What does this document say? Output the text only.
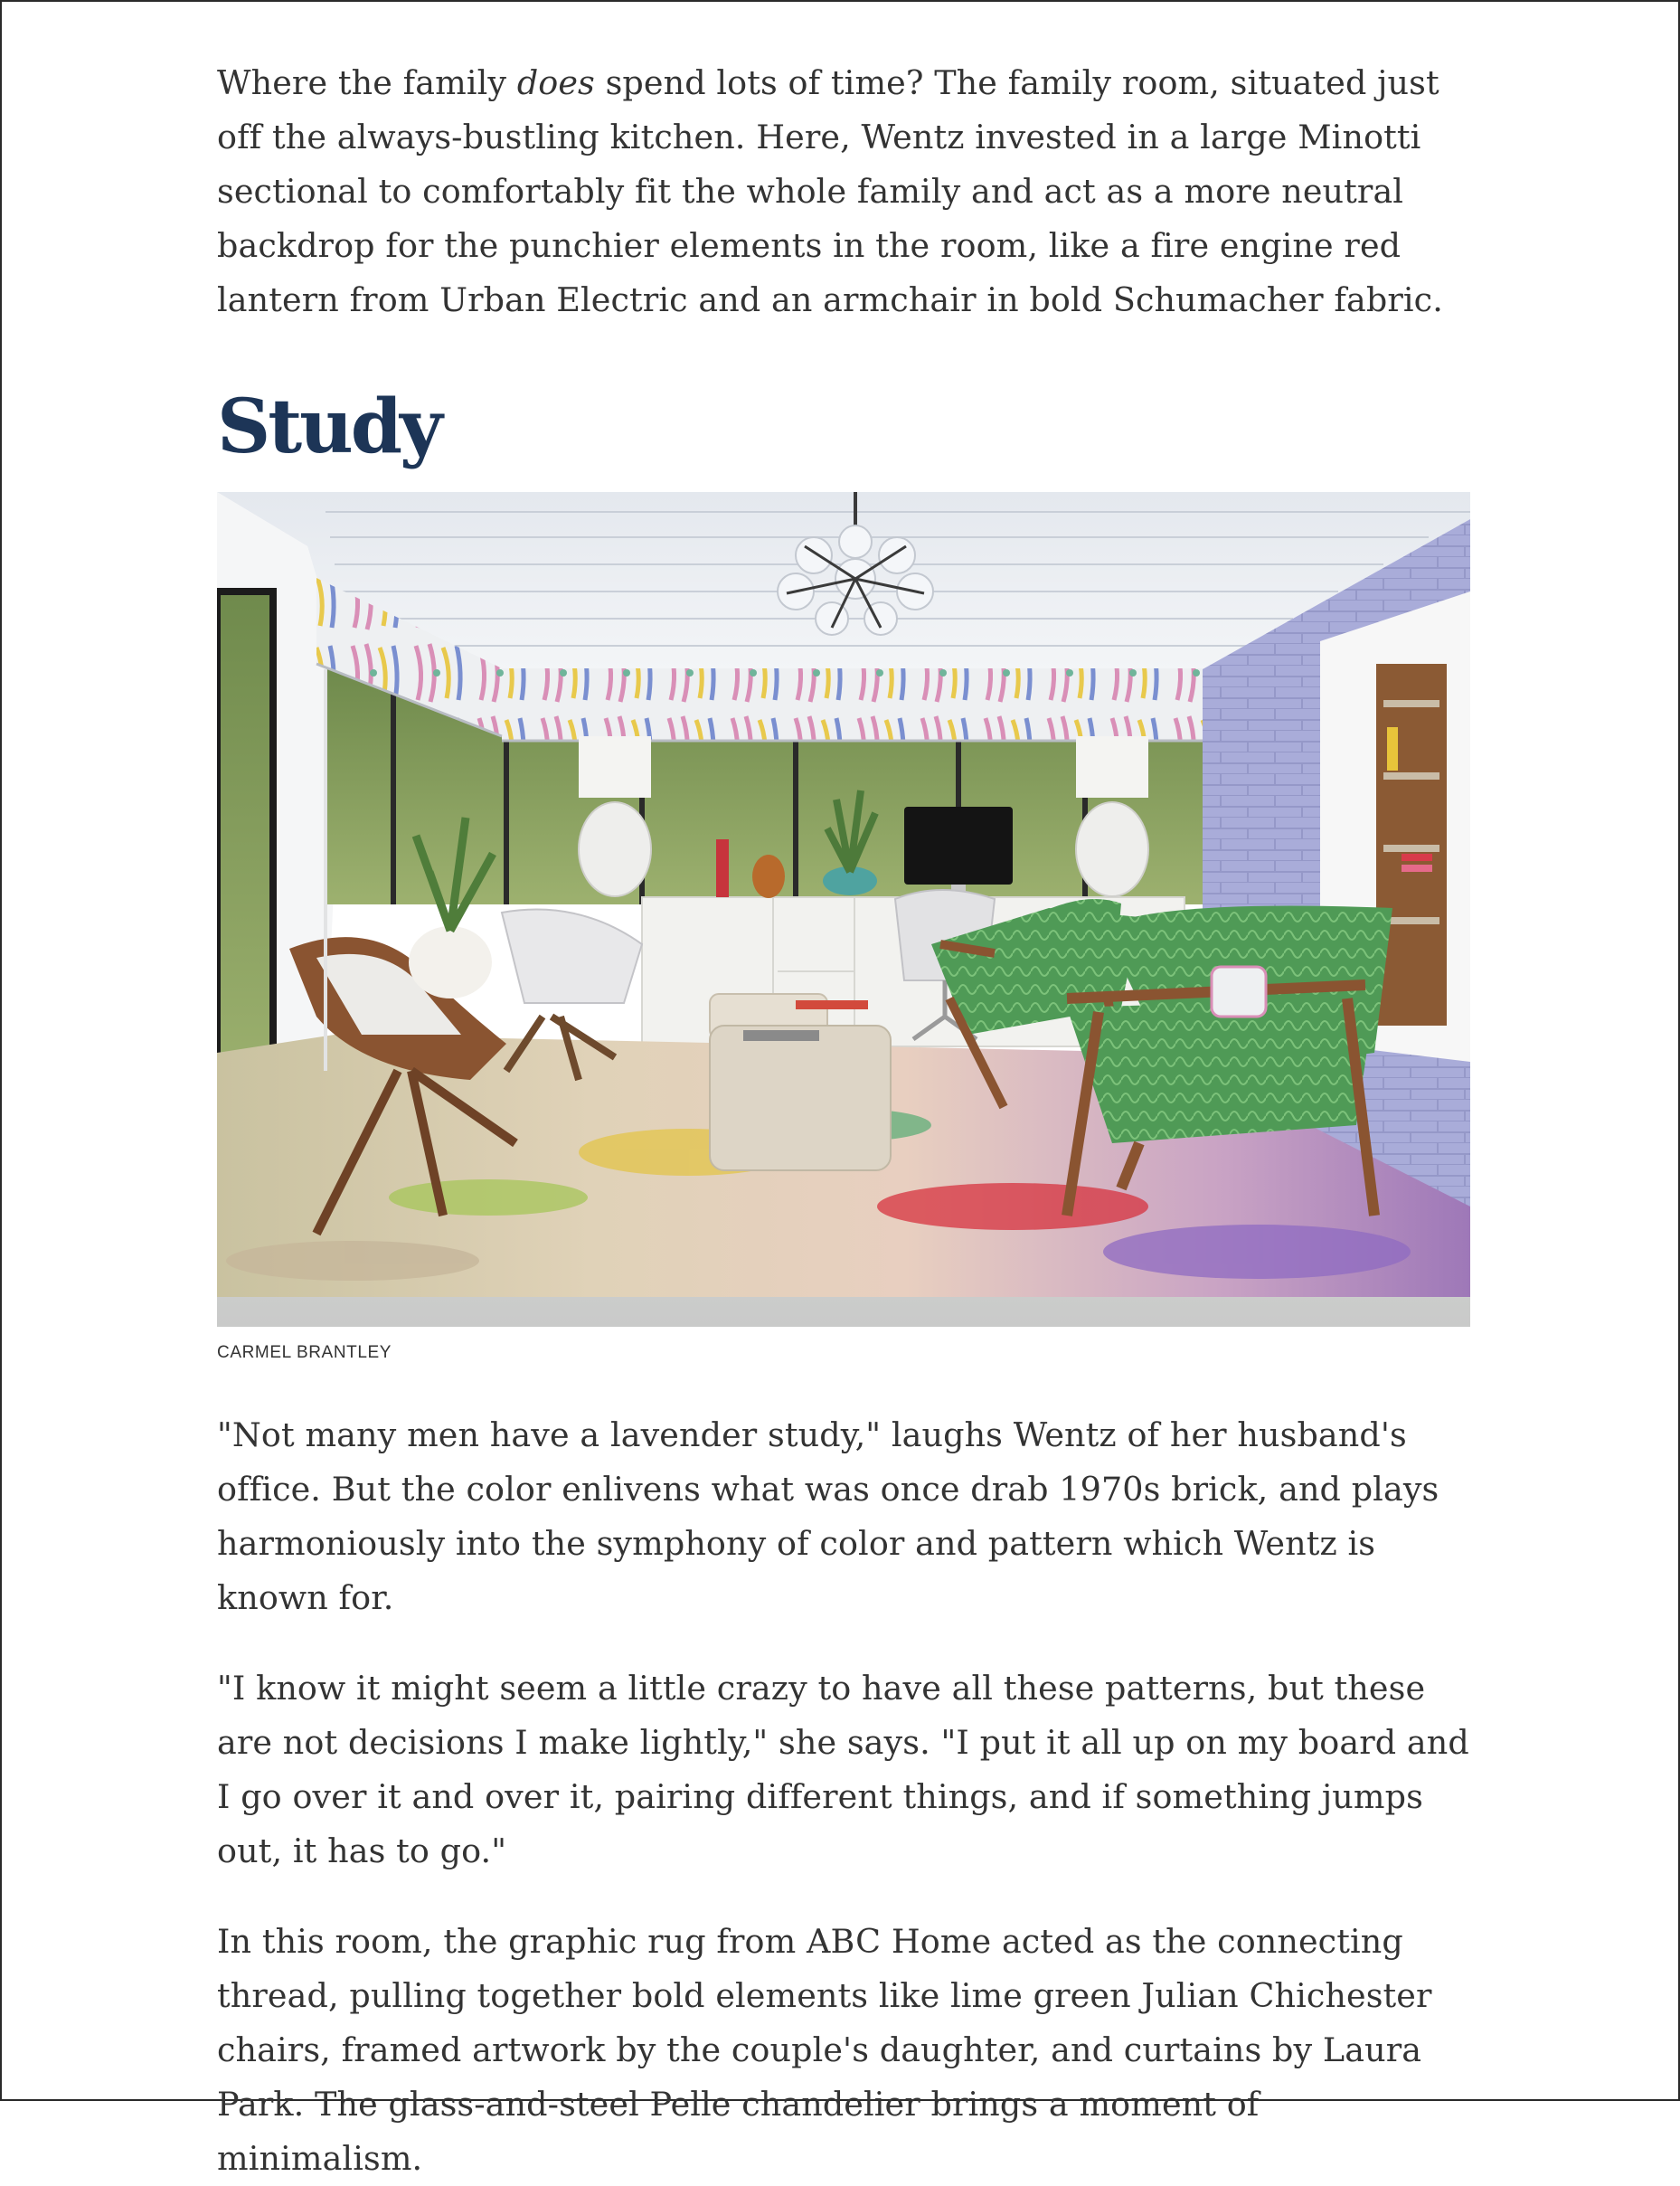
Where the family does spend lots of time? The family room, situated just off the always-bustling kitchen. Here, Wentz invested in a large Minotti sectional to comfortably fit the whole family and act as a more neutral backdrop for the punchier elements in the room, like a fire engine red lantern from Urban Electric and an armchair in bold Schumacher fabric.

Study
CARMEL BRANTLEY

"Not many men have a lavender study," laughs Wentz of her husband's office. But the color enlivens what was once drab 1970s brick, and plays harmoniously into the symphony of color and pattern which Wentz is known for.

"I know it might seem a little crazy to have all these patterns, but these are not decisions I make lightly," she says. "I put it all up on my board and I go over it and over it, pairing different things, and if something jumps out, it has to go."

In this room, the graphic rug from ABC Home acted as the connecting thread, pulling together bold elements like lime green Julian Chichester chairs, framed artwork by the couple's daughter, and curtains by Laura Park. The glass-and-steel Pelle chandelier brings a moment of minimalism.
